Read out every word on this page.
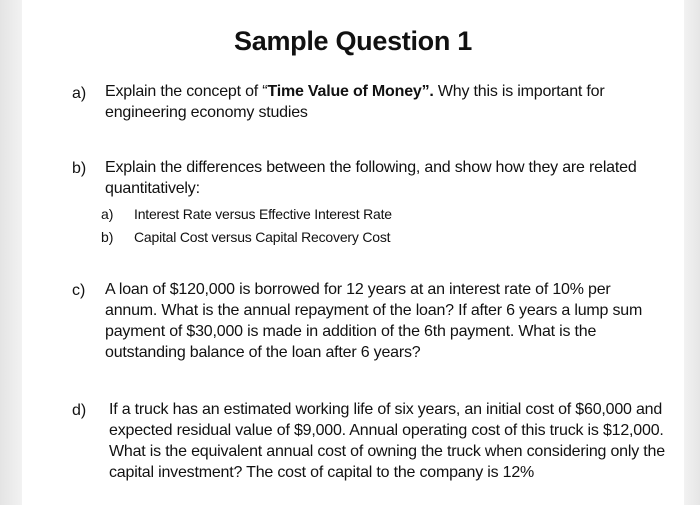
Sample Question 1
a) Explain the concept of “Time Value of Money”. Why this is important for engineering economy studies
b) Explain the differences between the following, and show how they are related quantitatively:
a) Interest Rate versus Effective Interest Rate
b) Capital Cost versus Capital Recovery Cost
c) A loan of $120,000 is borrowed for 12 years at an interest rate of 10% per annum. What is the annual repayment of the loan? If after 6 years a lump sum payment of $30,000 is made in addition of the 6th payment. What is the outstanding balance of the loan after 6 years?
d) If a truck has an estimated working life of six years, an initial cost of $60,000 and expected residual value of $9,000. Annual operating cost of this truck is $12,000. What is the equivalent annual cost of owning the truck when considering only the capital investment? The cost of capital to the company is 12%
